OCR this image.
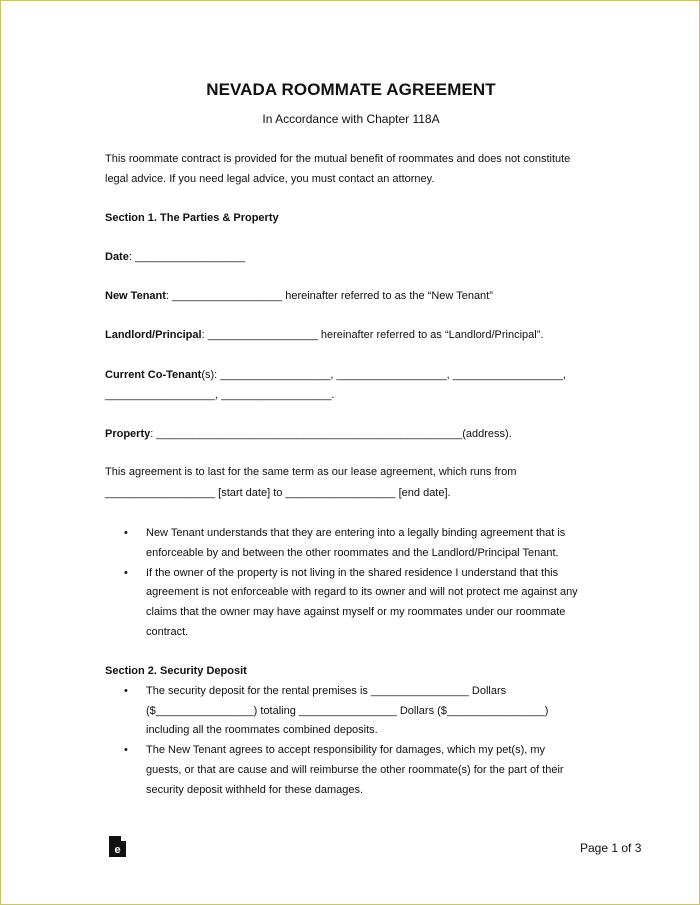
NEVADA ROOMMATE AGREEMENT
In Accordance with Chapter 118A
This roommate contract is provided for the mutual benefit of roommates and does not constitute
legal advice. If you need legal advice, you must contact an attorney.
Section 1. The Parties & Property
Date: __________________
New Tenant: __________________ hereinafter referred to as the “New Tenant”
Landlord/Principal: __________________ hereinafter referred to as “Landlord/Principal”.
Current Co-Tenant(s): __________________, __________________, __________________,
__________________, __________________.
Property: __________________________________________________(address).
This agreement is to last for the same term as our lease agreement, which runs from
__________________ [start date] to __________________ [end date].
• New Tenant understands that they are entering into a legally binding agreement that is
enforceable by and between the other roommates and the Landlord/Principal Tenant.
• If the owner of the property is not living in the shared residence I understand that this
agreement is not enforceable with regard to its owner and will not protect me against any
claims that the owner may have against myself or my roommates under our roommate
contract.
Section 2. Security Deposit
• The security deposit for the rental premises is ________________ Dollars
($________________) totaling ________________ Dollars ($________________)
including all the roommates combined deposits.
• The New Tenant agrees to accept responsibility for damages, which my pet(s), my
guests, or that are cause and will reimburse the other roommate(s) for the part of their
security deposit withheld for these damages.
e	Page 1 of 3
